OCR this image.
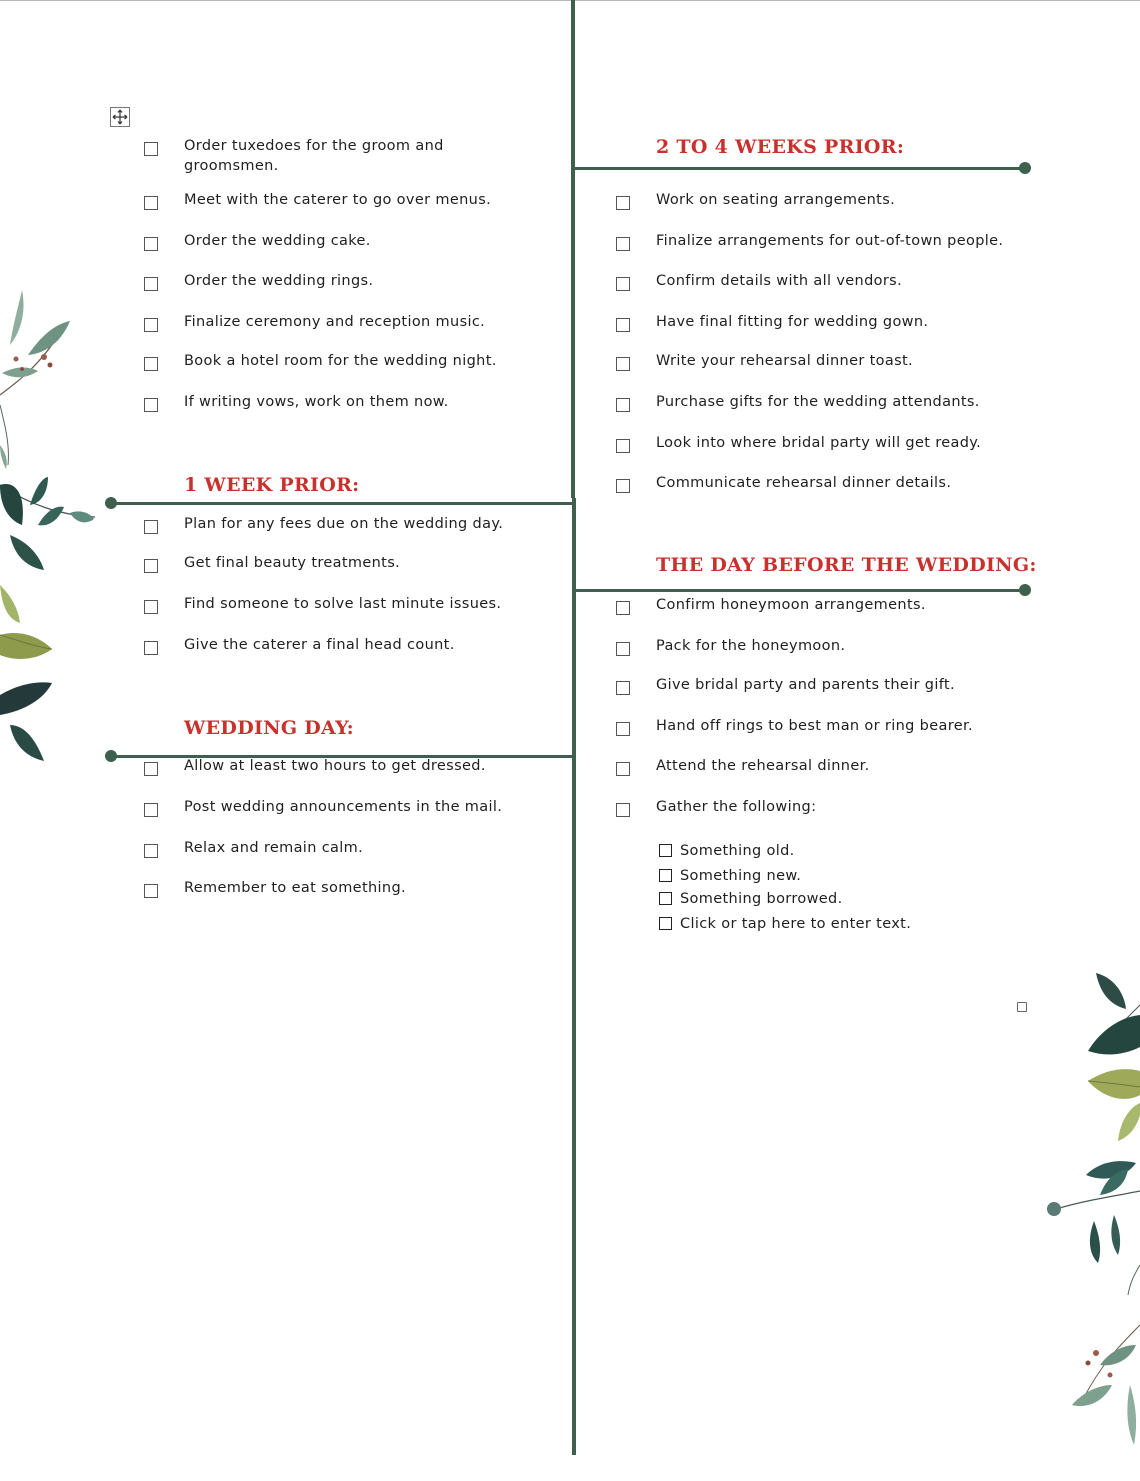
1 WEEK PRIOR:
WEDDING DAY:
2 TO 4 WEEKS PRIOR:
THE DAY BEFORE THE WEDDING:
Order tuxedoes for the groom and groomsmen.
Meet with the caterer to go over menus.
Order the wedding cake.
Order the wedding rings.
Finalize ceremony and reception music.
Book a hotel room for the wedding night.
If writing vows, work on them now.
Plan for any fees due on the wedding day.
Get final beauty treatments.
Find someone to solve last minute issues.
Give the caterer a final head count.
Allow at least two hours to get dressed.
Post wedding announcements in the mail.
Relax and remain calm.
Remember to eat something.
Work on seating arrangements.
Finalize arrangements for out-of-town people.
Confirm details with all vendors.
Have final fitting for wedding gown.
Write your rehearsal dinner toast.
Purchase gifts for the wedding attendants.
Look into where bridal party will get ready.
Communicate rehearsal dinner details.
Confirm honeymoon arrangements.
Pack for the honeymoon.
Give bridal party and parents their gift.
Hand off rings to best man or ring bearer.
Attend the rehearsal dinner.
Gather the following:
Something old.
Something new.
Something borrowed.
Click or tap here to enter text.
